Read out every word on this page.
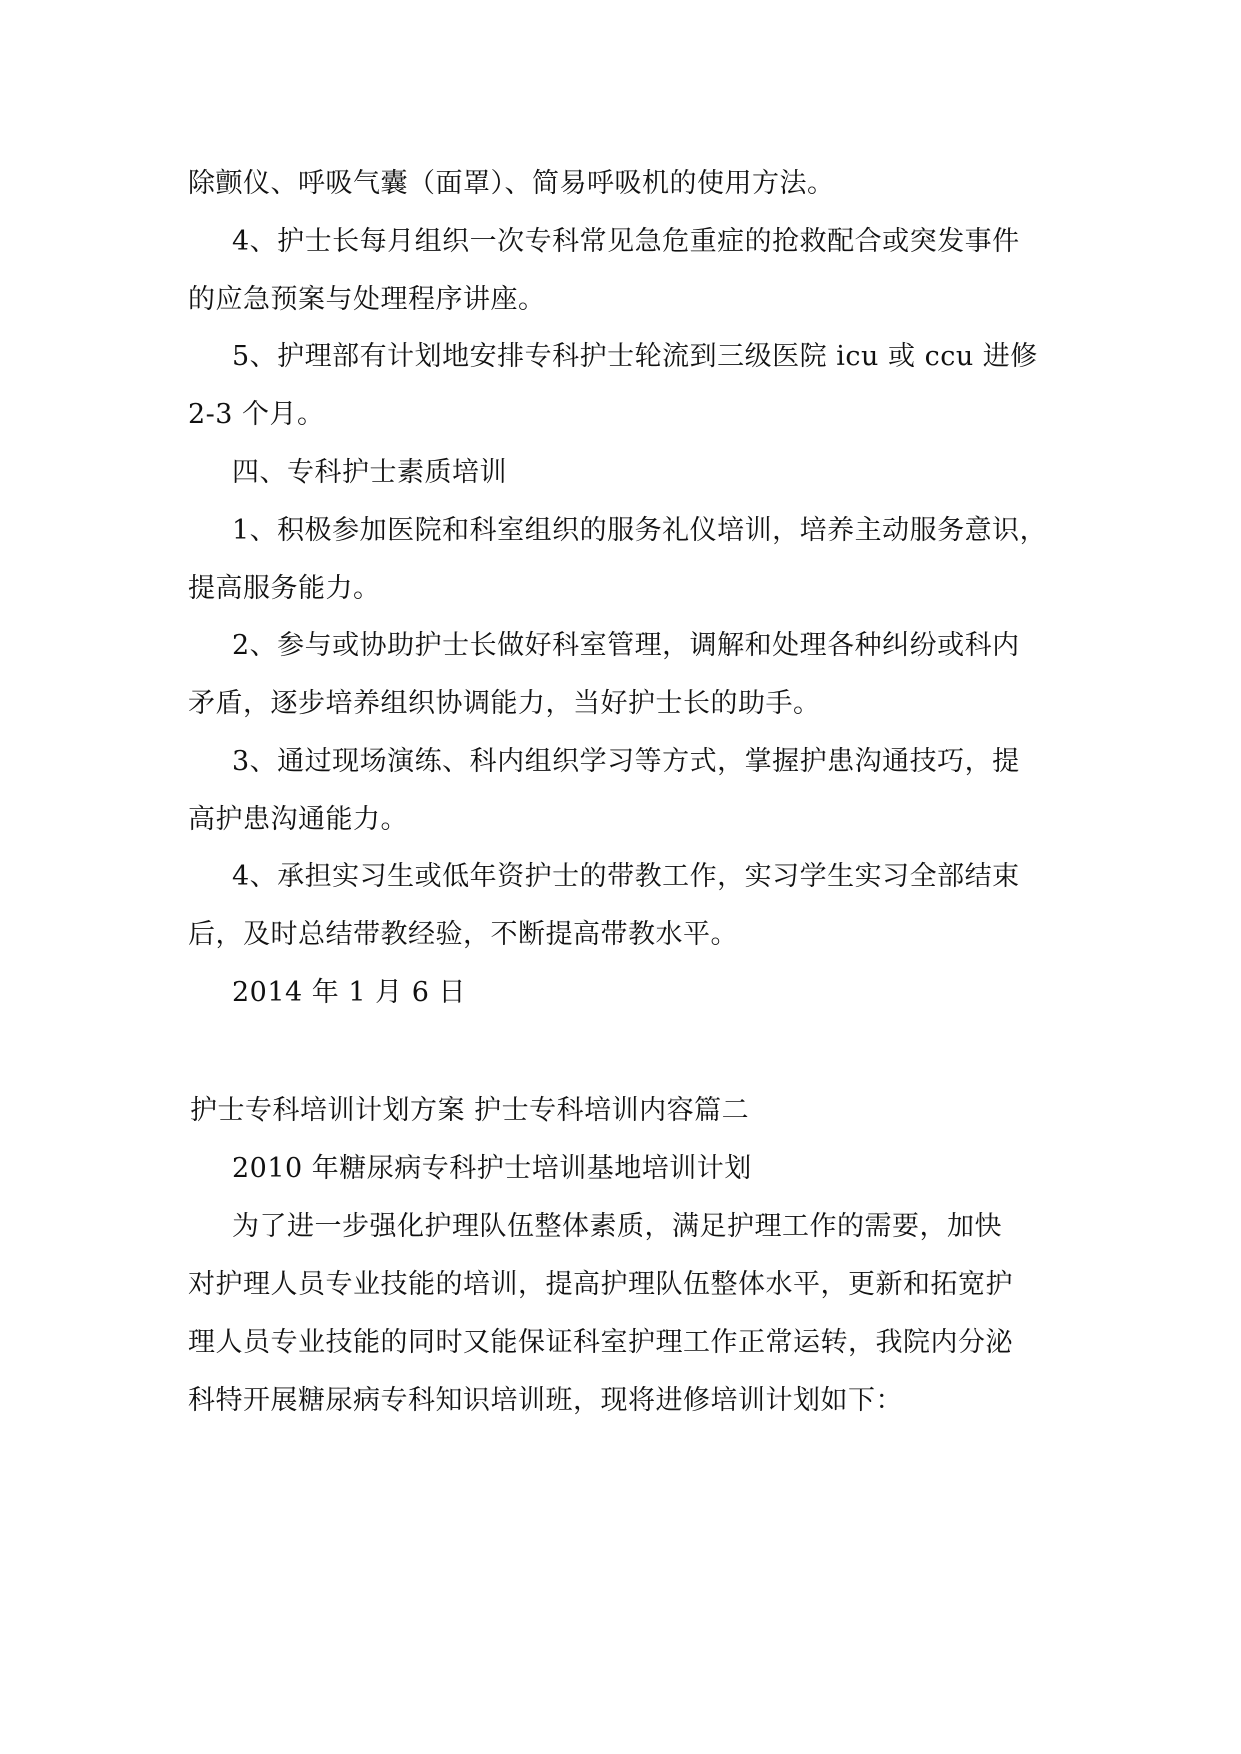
除颤仪、呼吸气囊（面罩）、简易呼吸机的使用方法。
4、护士长每月组织一次专科常见急危重症的抢救配合或突发事件
的应急预案与处理程序讲座。
5、护理部有计划地安排专科护士轮流到三级医院 icu 或 ccu 进修
2-3 个月。
四、专科护士素质培训
1、积极参加医院和科室组织的服务礼仪培训，培养主动服务意识，
提高服务能力。
2、参与或协助护士长做好科室管理，调解和处理各种纠纷或科内
矛盾，逐步培养组织协调能力，当好护士长的助手。
3、通过现场演练、科内组织学习等方式，掌握护患沟通技巧，提
高护患沟通能力。
4、承担实习生或低年资护士的带教工作，实习学生实习全部结束
后，及时总结带教经验，不断提高带教水平。
2014 年 1 月 6 日
护士专科培训计划方案 护士专科培训内容篇二
2010 年糖尿病专科护士培训基地培训计划
为了进一步强化护理队伍整体素质，满足护理工作的需要，加快
对护理人员专业技能的培训，提高护理队伍整体水平，更新和拓宽护
理人员专业技能的同时又能保证科室护理工作正常运转，我院内分泌
科特开展糖尿病专科知识培训班，现将进修培训计划如下：
